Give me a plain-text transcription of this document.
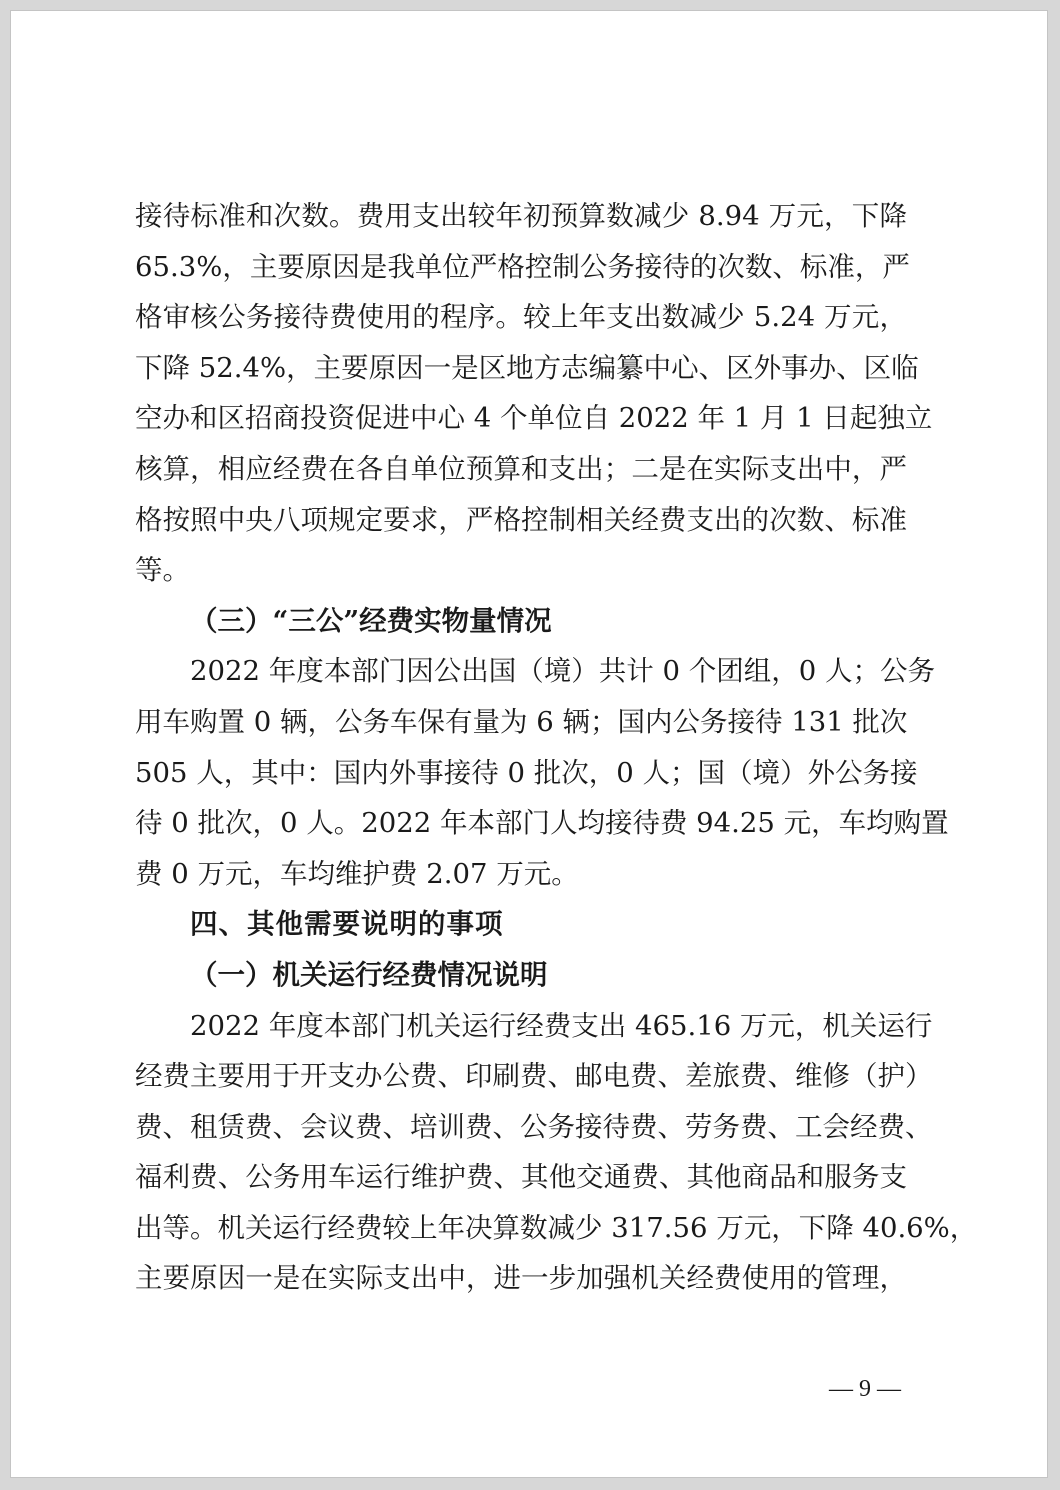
接待标准和次数。费用支出较年初预算数减少 8.94 万元，下降
65.3%，主要原因是我单位严格控制公务接待的次数、标准，严
格审核公务接待费使用的程序。较上年支出数减少 5.24 万元，
下降 52.4%，主要原因一是区地方志编纂中心、区外事办、区临
空办和区招商投资促进中心 4 个单位自 2022 年 1 月 1 日起独立
核算，相应经费在各自单位预算和支出；二是在实际支出中，严
格按照中央八项规定要求，严格控制相关经费支出的次数、标准
等。
（三）“三公”经费实物量情况
2022 年度本部门因公出国（境）共计 0 个团组，0 人；公务
用车购置 0 辆，公务车保有量为 6 辆；国内公务接待 131 批次
505 人，其中：国内外事接待 0 批次，0 人；国（境）外公务接
待 0 批次，0 人。2022 年本部门人均接待费 94.25 元，车均购置
费 0 万元，车均维护费 2.07 万元。
四、其他需要说明的事项
（一）机关运行经费情况说明
2022 年度本部门机关运行经费支出 465.16 万元，机关运行
经费主要用于开支办公费、印刷费、邮电费、差旅费、维修（护）
费、租赁费、会议费、培训费、公务接待费、劳务费、工会经费、
福利费、公务用车运行维护费、其他交通费、其他商品和服务支
出等。机关运行经费较上年决算数减少 317.56 万元，下降 40.6%，
主要原因一是在实际支出中，进一步加强机关经费使用的管理，
— 9 —
